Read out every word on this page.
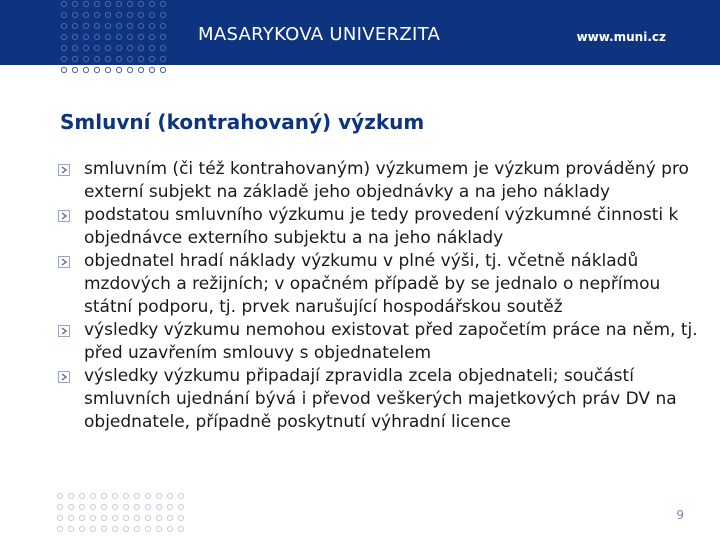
MASARYKOVA UNIVERZITA	www.muni.cz
Smluvní (kontrahovaný) výzkum
smluvním (či též kontrahovaným) výzkumem je výzkum prováděný pro externí subjekt na základě jeho objednávky a na jeho náklady
podstatou smluvního výzkumu je tedy provedení výzkumné činnosti k objednávce externího subjektu a na jeho náklady
objednatel hradí náklady výzkumu v plné výši, tj. včetně nákladů mzdových a režijních; v opačném případě by se jednalo o nepřímou státní podporu, tj. prvek narušující hospodářskou soutěž
výsledky výzkumu nemohou existovat před započetím práce na něm, tj. před uzavřením smlouvy s objednatelem
výsledky výzkumu připadají zpravidla zcela objednateli; součástí smluvních ujednání bývá i převod veškerých majetkových práv DV na objednatele, případně poskytnutí výhradní licence
9
